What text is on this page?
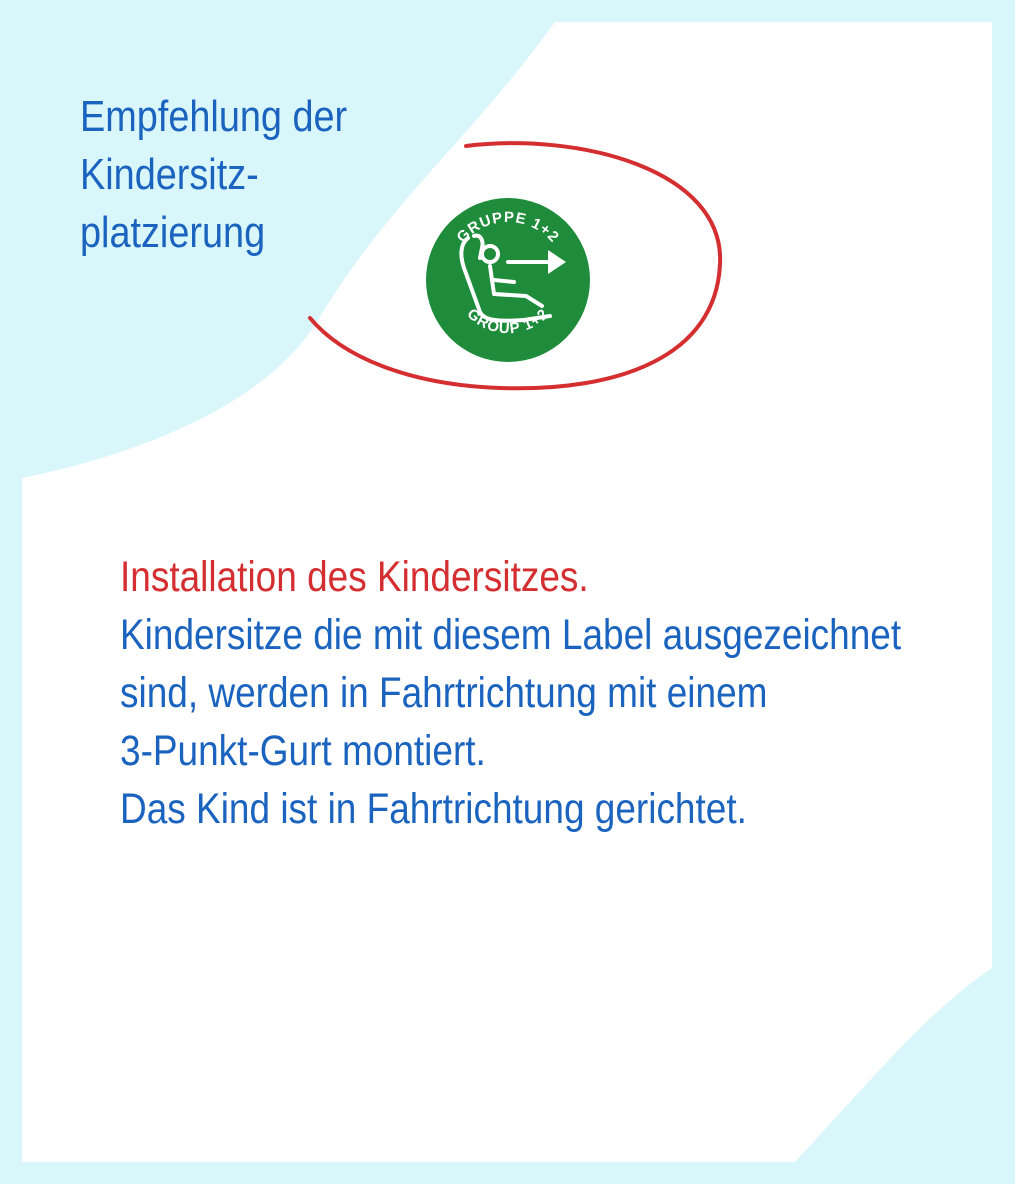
Empfehlung der
Kindersitz-
platzierung	GRUPPE 1+2
GROUP 1+2

Installation des Kindersitzes.

Kindersitze die mit diesem Label ausgezeichnet

sind, werden in Fahrtrichtung mit einem

3-Punkt-Gurt montiert.

Das Kind ist in Fahrtrichtung gerichtet.
